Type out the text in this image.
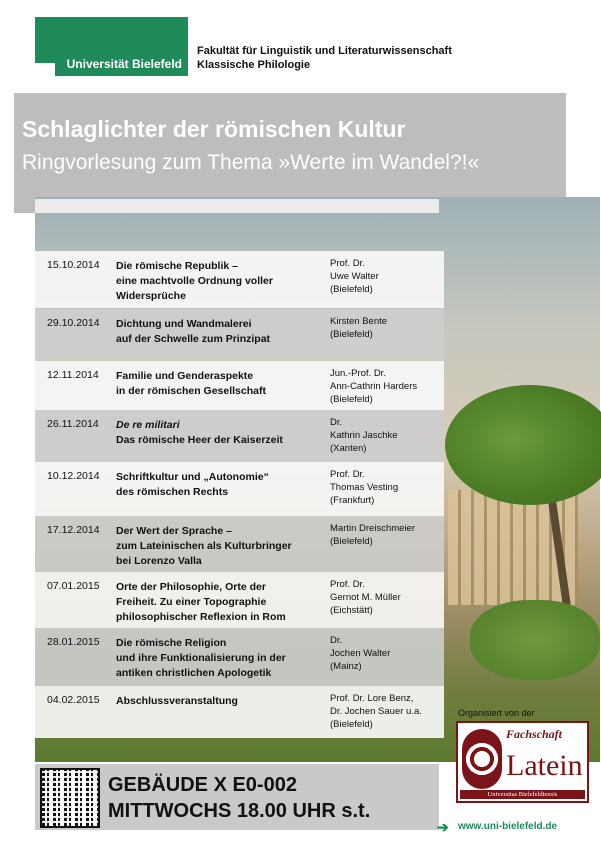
Universität Bielefeld
Fakultät für Linguistik und Literaturwissenschaft
Klassische Philologie
Schlaglichter der römischen Kultur
Ringvorlesung zum Thema »Werte im Wandel?!«
15.10.2014 Die römische Republik –
eine machtvolle Ordnung voller
Widersprüche
Prof. Dr.
Uwe Walter
(Bielefeld)
29.10.2014 Dichtung und Wandmalerei
auf der Schwelle zum Prinzipat
Kirsten Bente
(Bielefeld)
12.11.2014 Familie und Genderaspekte
in der römischen Gesellschaft
Jun.-Prof. Dr.
Ann-Cathrin Harders
(Bielefeld)
26.11.2014 De re militari
Das römische Heer der Kaiserzeit
Dr.
Kathrin Jaschke
(Xanten)
10.12.2014 Schriftkultur und „Autonomie“
des römischen Rechts
Prof. Dr.
Thomas Vesting
(Frankfurt)
17.12.2014 Der Wert der Sprache –
zum Lateinischen als Kulturbringer
bei Lorenzo Valla
Martin Dreischmeier
(Bielefeld)
07.01.2015 Orte der Philosophie, Orte der
Freiheit. Zu einer Topographie
philosophischer Reflexion in Rom
Prof. Dr.
Gernot M. Müller
(Eichstätt)
28.01.2015 Die römische Religion
und ihre Funktionalisierung in der
antiken christlichen Apologetik
Dr.
Jochen Walter
(Mainz)
04.02.2015 Abschlussveranstaltung	Prof. Dr. Lore Benz,
Dr. Jochen Sauer u.a.
(Bielefeld)
Organisiert von der
Fachschaft
Latein
Universitas Bielefeldiensis
GEBÄUDE X E0-002
MITTWOCHS 18.00 UHR s.t.
➔ www.uni-bielefeld.de
